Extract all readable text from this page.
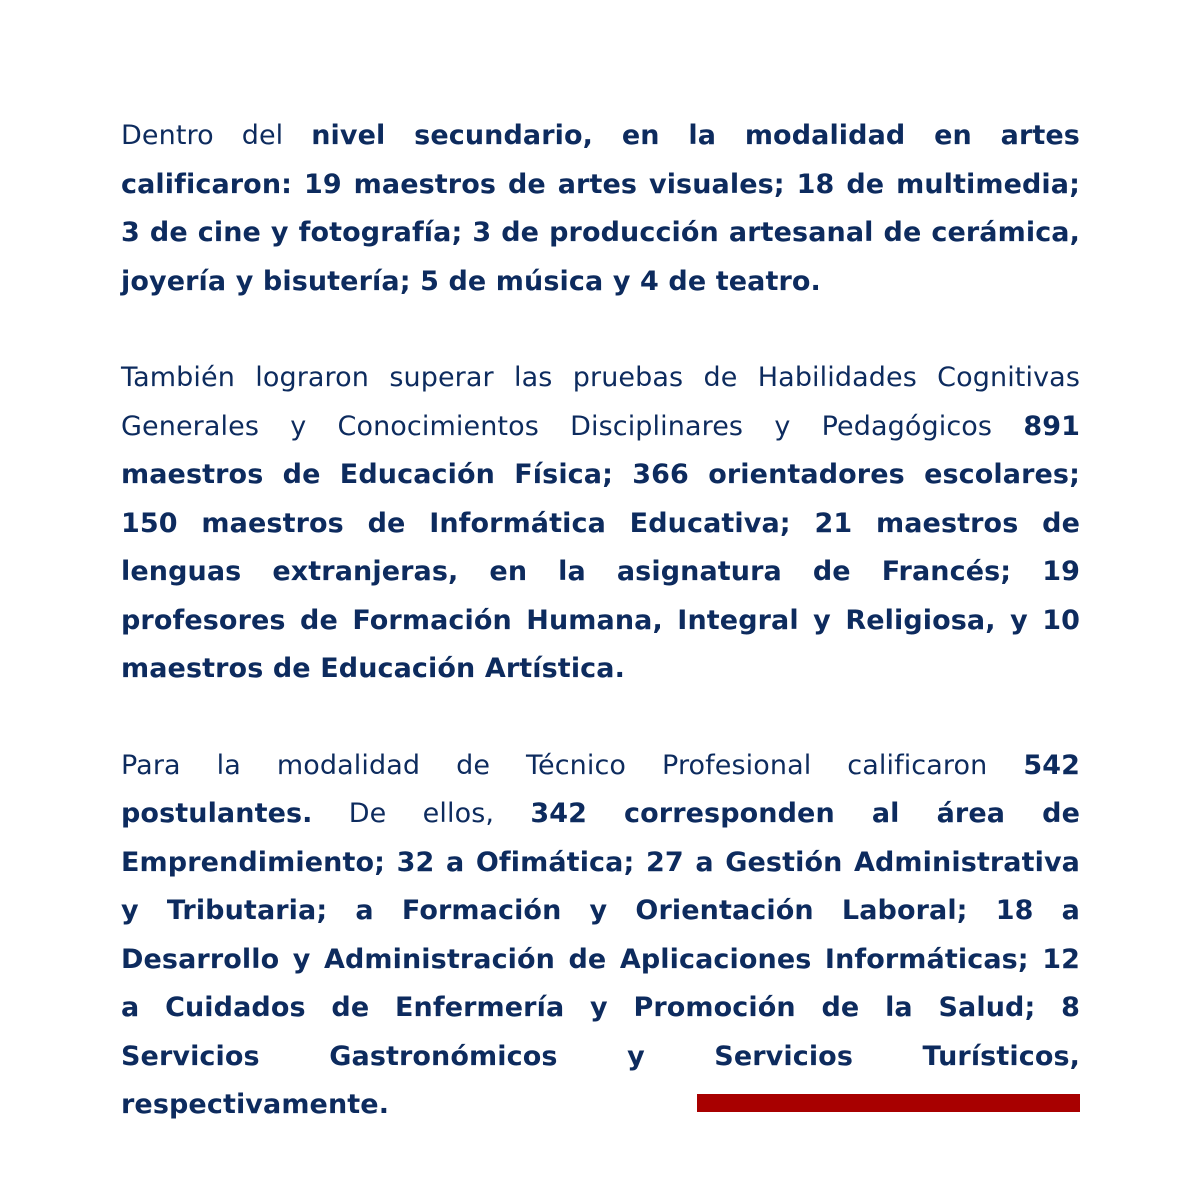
Dentro del nivel secundario, en la modalidad en artes calificaron: 19 maestros de artes visuales; 18 de multimedia; 3 de cine y fotografía; 3 de producción artesanal de cerámica, joyería y bisutería; 5 de música y 4 de teatro.

También lograron superar las pruebas de Habilidades Cognitivas Generales y Conocimientos Disciplinares y Pedagógicos 891 maestros de Educación Física; 366 orientadores escolares; 150 maestros de Informática Educativa; 21 maestros de lenguas extranjeras, en la asignatura de Francés; 19 profesores de Formación Humana, Integral y Religiosa, y 10 maestros de Educación Artística.

Para la modalidad de Técnico Profesional calificaron 542 postulantes. De ellos, 342 corresponden al área de Emprendimiento; 32 a Ofimática; 27 a Gestión Administrativa y Tributaria; a Formación y Orientación Laboral; 18 a Desarrollo y Administración de Aplicaciones Informáticas; 12 a Cuidados de Enfermería y Promoción de la Salud; 8 Servicios Gastronómicos y Servicios Turísticos, respectivamente.
